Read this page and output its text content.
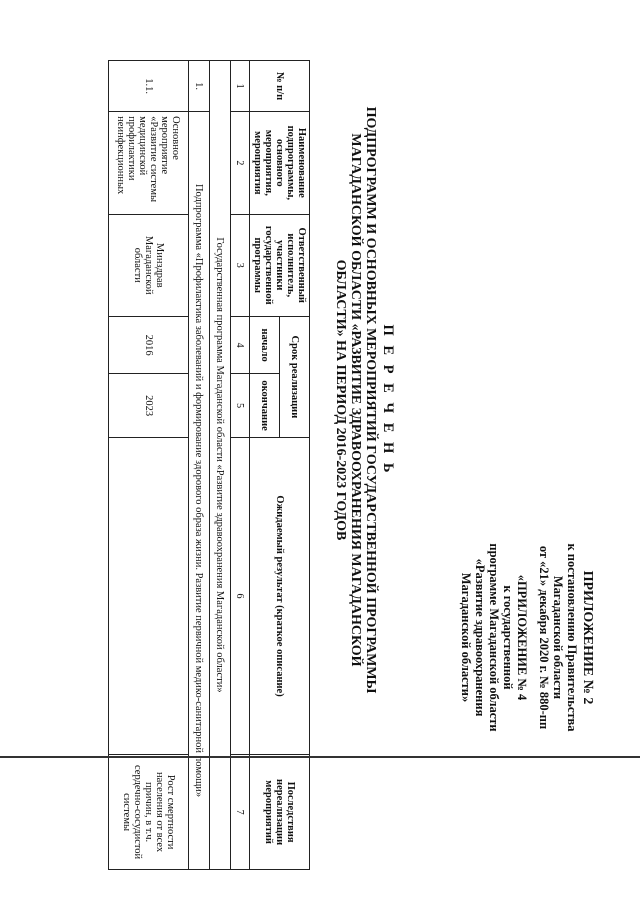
ПРИЛОЖЕНИЕ № 2
к постановлению Правительства
Магаданской области
от «21» декабря 2020 г. № 880-пп
«ПРИЛОЖЕНИЕ № 4
к государственной
программе Магаданской области
«Развитие здравоохранения
Магаданской области»
П Е Р Е Ч Е Н Ь
ПОДПРОГРАММ И ОСНОВНЫХ МЕРОПРИЯТИЙ ГОСУДАРСТВЕННОЙ ПРОГРАММЫ
МАГАДАНСКОЙ ОБЛАСТИ «РАЗВИТИЕ ЗДРАВООХРАНЕНИЯ МАГАДАНСКОЙ
ОБЛАСТИ» НА ПЕРИОД 2016-2023 ГОДОВ
№ п/п	Наименование подпрограммы, основного мероприятия, мероприятия	Ответственный исполнитель, участники государственной программы	Срок реализации		Ожидаемый результат (краткое описание)	Последствия нереализации мероприятий
			начало	окончание		
1	2	3	4	5	6	7
Государственная программа Магаданской области «Развитие здравоохранения Магаданской области»						
1.	Подпрограмма «Профилактика заболеваний и формирование здорового образа жизни. Развитие первичной медико-санитарной помощи»					
1.1.	Основное мероприятие «Развитие системы медицинской профилактики неинфекционных	Минздрав Магаданской области	2016	2023		Рост смертности населения от всех причин, в т.ч. сердечно-сосудистой системы
